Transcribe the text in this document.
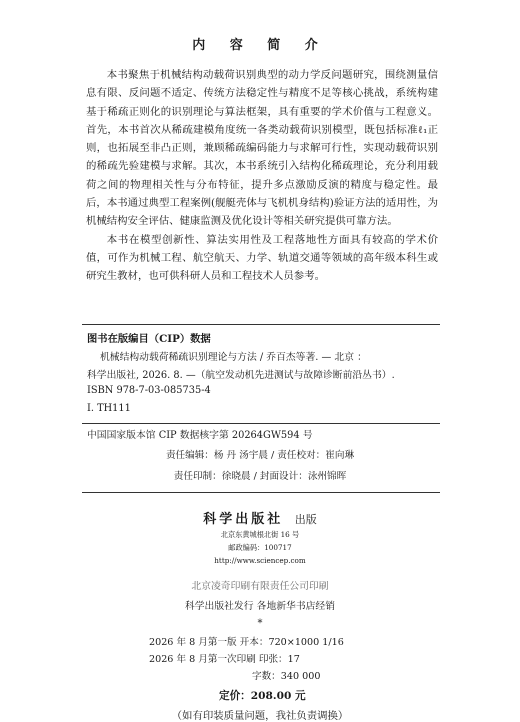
内 容 简 介

本书聚焦于机械结构动载荷识别典型的动力学反问题研究，围绕测量信息有限、反问题不适定、传统方法稳定性与精度不足等核心挑战，系统构建基于稀疏正则化的识别理论与算法框架，具有重要的学术价值与工程意义。首先，本书首次从稀疏建模角度统一各类动载荷识别模型，既包括标准ℓ₁正则，也拓展至非凸正则，兼顾稀疏编码能力与求解可行性，实现动载荷识别的稀疏先验建模与求解。其次，本书系统引入结构化稀疏理论，充分利用载荷之间的物理相关性与分布特征，提升多点激励反演的精度与稳定性。最后，本书通过典型工程案例(舰艇壳体与飞机机身结构)验证方法的适用性，为机械结构安全评估、健康监测及优化设计等相关研究提供可靠方法。

本书在模型创新性、算法实用性及工程落地性方面具有较高的学术价值，可作为机械工程、航空航天、力学、轨道交通等领域的高年级本科生或研究生教材，也可供科研人员和工程技术人员参考。

图书在版编目（CIP）数据
机械结构动载荷稀疏识别理论与方法 / 乔百杰等著. — 北京 ：
科学出版社, 2026. 8. —（航空发动机先进测试与故障诊断前沿丛书）.
ISBN 978-7-03-085735-4
Ⅰ. TH111
中国国家版本馆 CIP 数据核字第 20264GW594 号
责任编辑：杨 丹 汤宇晨 / 责任校对：崔向琳
责任印制：徐晓晨 / 封面设计：泳州锦晖
科学出版社 出版
北京东黄城根北街 16 号
邮政编码：100717
http://www.sciencep.com
北京凌奇印刷有限责任公司印刷
科学出版社发行 各地新华书店经销
*
2026 年 8 月第一版 开本：720×1000 1/16
2026 年 8 月第一次印刷 印张：17
字数：340 000
定价：208.00 元
（如有印装质量问题，我社负责调换）
